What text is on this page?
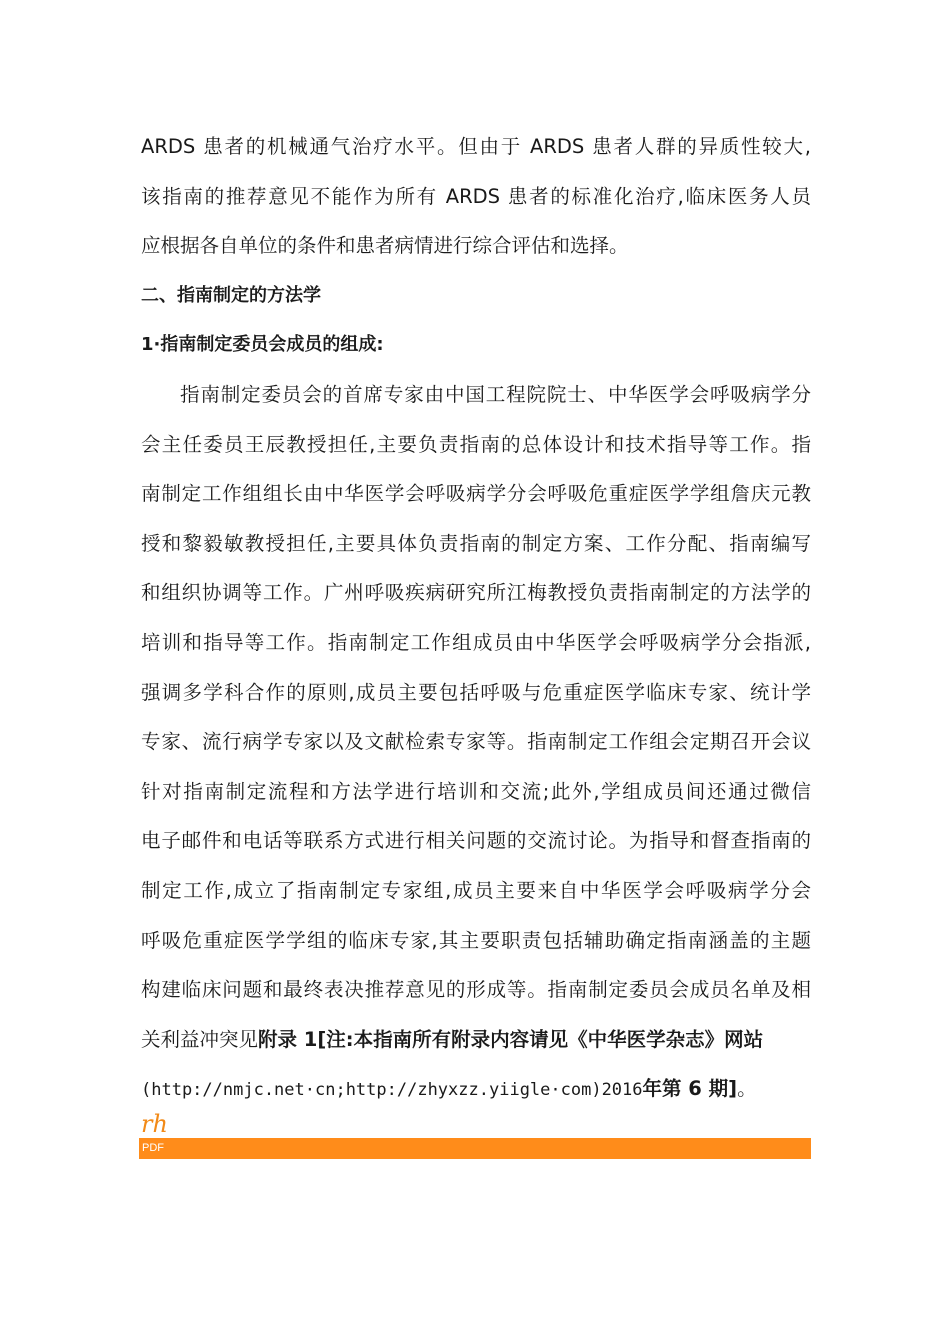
ARDS 患者的机械通气治疗水平。但由于 ARDS 患者人群的异质性较大,
该指南的推荐意见不能作为所有 ARDS 患者的标准化治疗,临床医务人员
应根据各自单位的条件和患者病情进行综合评估和选择。
二、指南制定的方法学
1·指南制定委员会成员的组成:
指南制定委员会的首席专家由中国工程院院士、中华医学会呼吸病学分
会主任委员王辰教授担任,主要负责指南的总体设计和技术指导等工作。指
南制定工作组组长由中华医学会呼吸病学分会呼吸危重症医学学组詹庆元教
授和黎毅敏教授担任,主要具体负责指南的制定方案、工作分配、指南编写
和组织协调等工作。广州呼吸疾病研究所江梅教授负责指南制定的方法学的
培训和指导等工作。指南制定工作组成员由中华医学会呼吸病学分会指派,
强调多学科合作的原则,成员主要包括呼吸与危重症医学临床专家、统计学
专家、流行病学专家以及文献检索专家等。指南制定工作组会定期召开会议
针对指南制定流程和方法学进行培训和交流;此外,学组成员间还通过微信
电子邮件和电话等联系方式进行相关问题的交流讨论。为指导和督查指南的
制定工作,成立了指南制定专家组,成员主要来自中华医学会呼吸病学分会
呼吸危重症医学学组的临床专家,其主要职责包括辅助确定指南涵盖的主题
构建临床问题和最终表决推荐意见的形成等。指南制定委员会成员名单及相
关利益冲突见附录 1[注:本指南所有附录内容请见《中华医学杂志》网站
(http://nmjc.net·cn;http://zhyxzz.yiigle·com)2016年第 6 期]。
rh
PDF
